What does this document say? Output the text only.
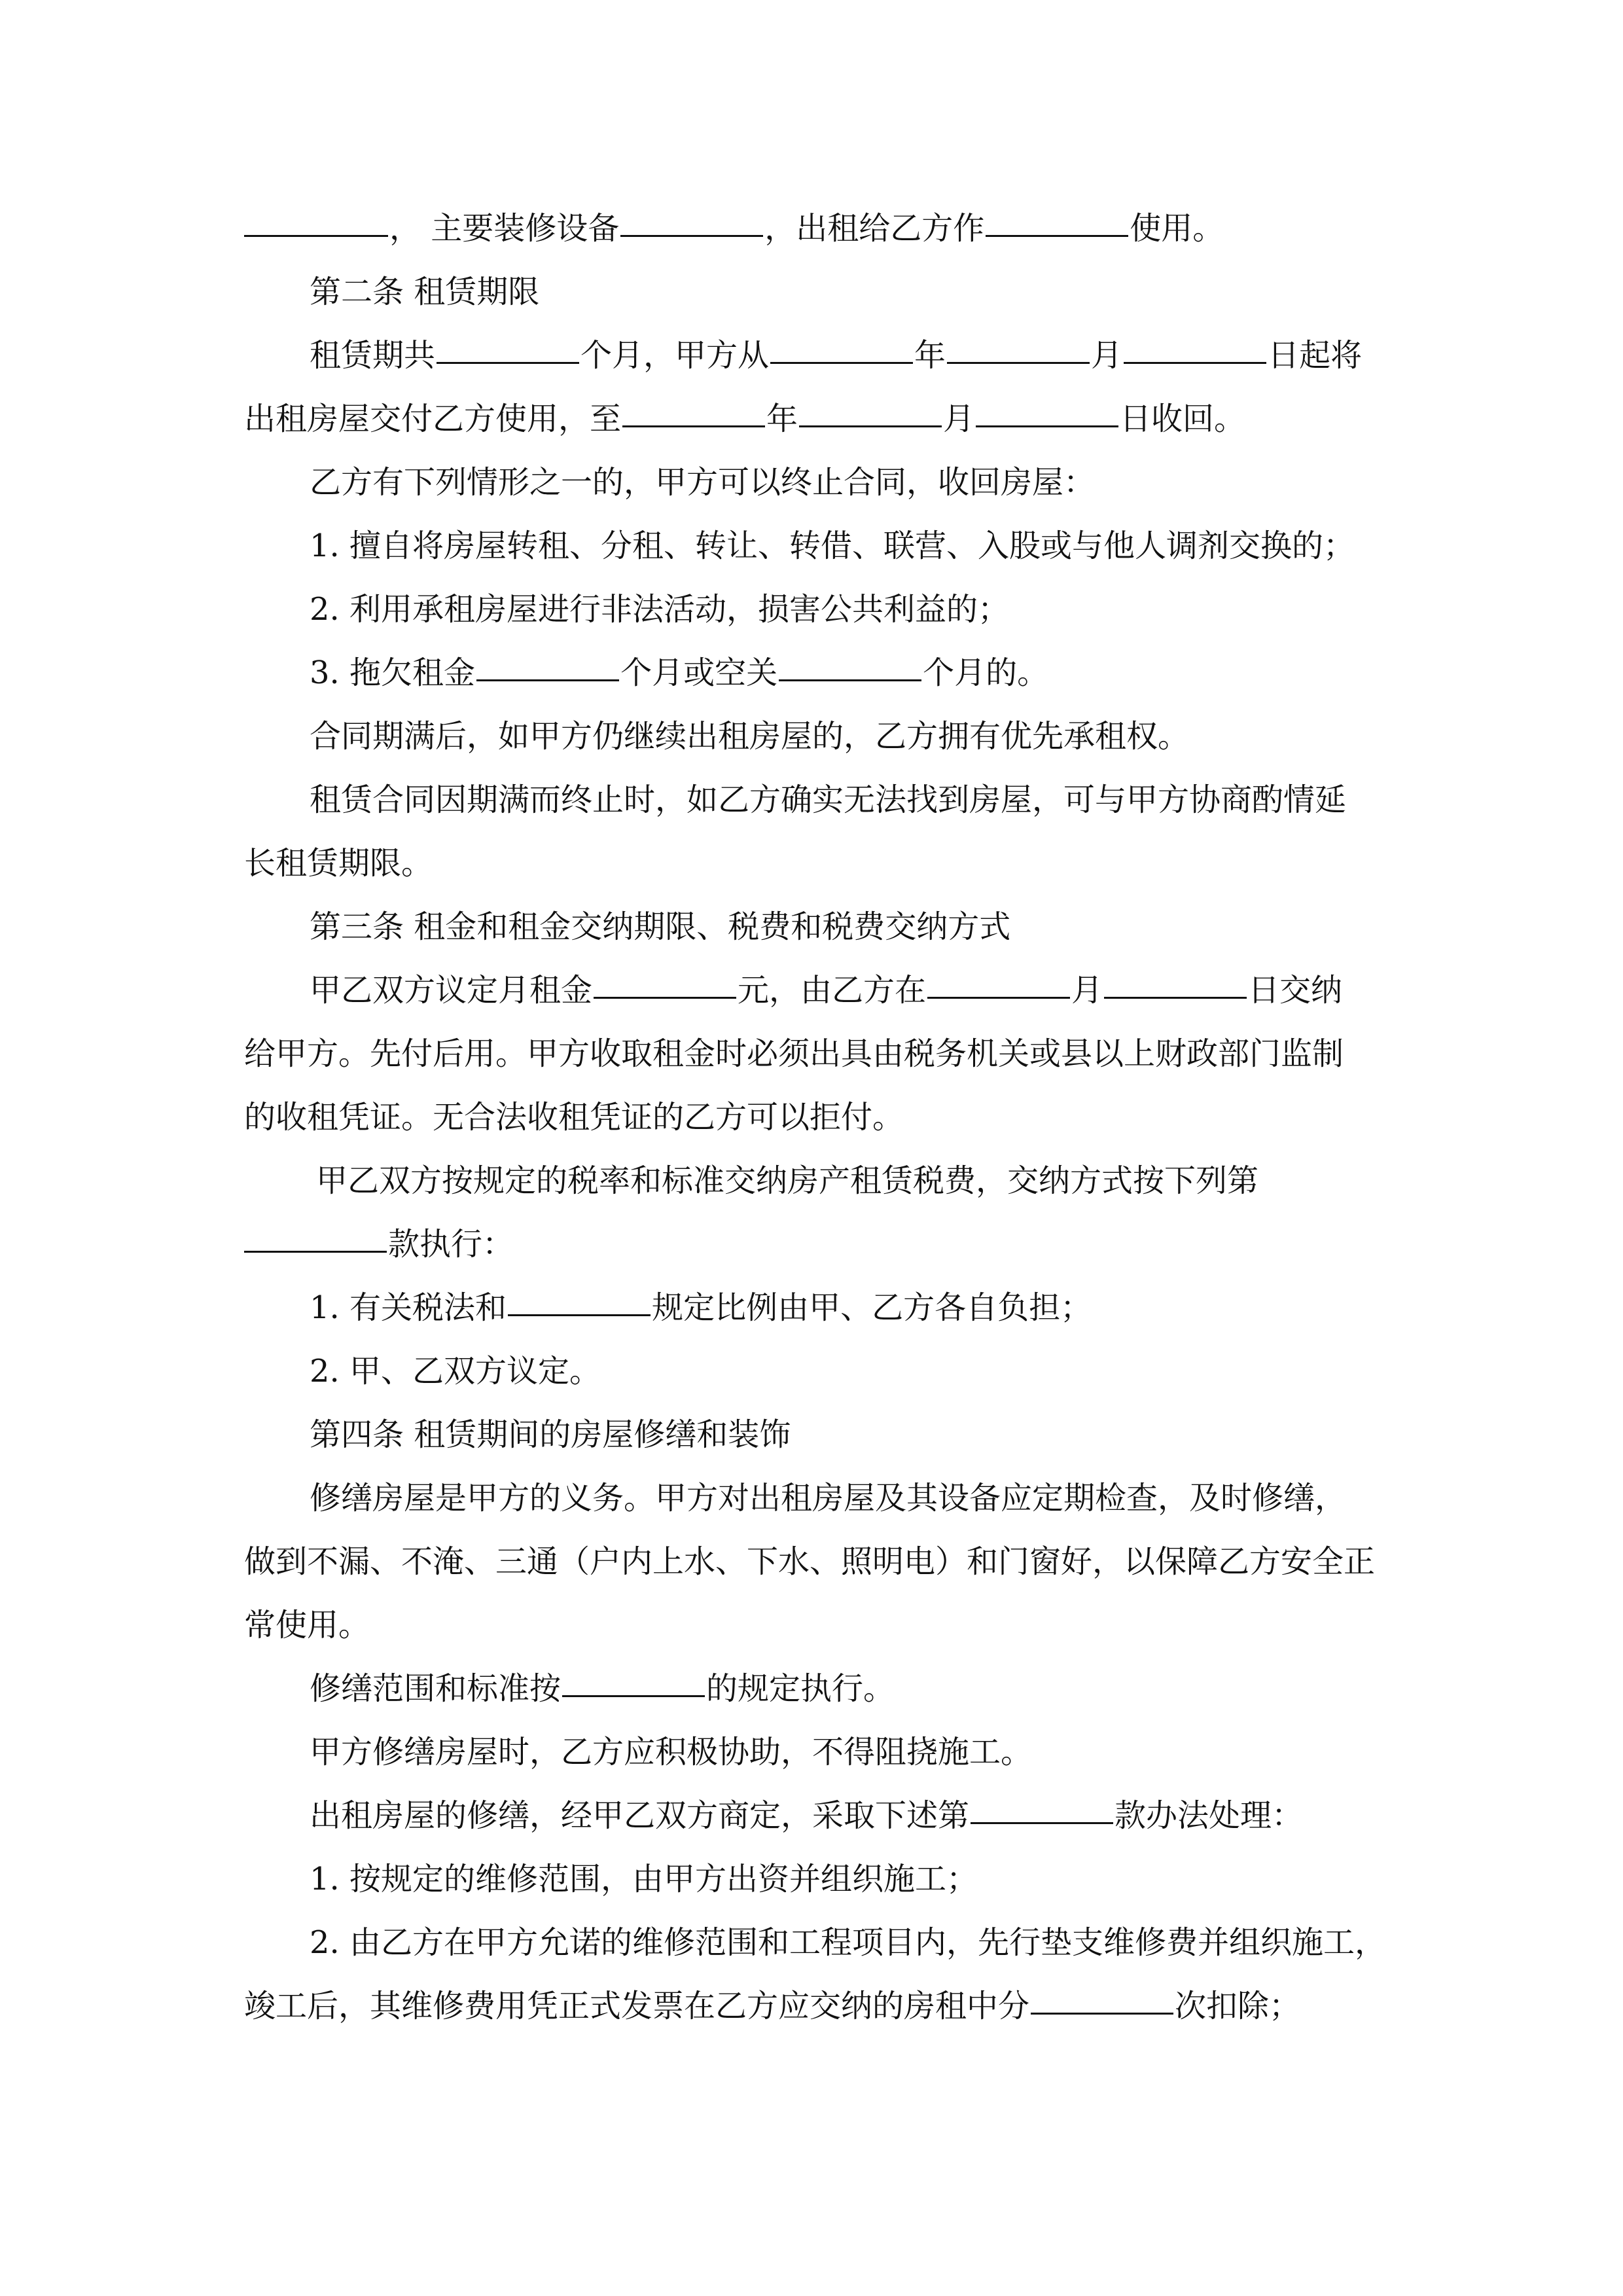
， 主要装修设备	，出租给乙方作	使用。
第二条 租赁期限
租赁期共	个月，甲方从	年	月	日起将
出租房屋交付乙方使用，至	年	月	日收回。
乙方有下列情形之一的，甲方可以终止合同，收回房屋：
1. 擅自将房屋转租、分租、转让、转借、联营、入股或与他人调剂交换的；
2. 利用承租房屋进行非法活动，损害公共利益的；
3. 拖欠租金	个月或空关	个月的。
合同期满后，如甲方仍继续出租房屋的，乙方拥有优先承租权。
租赁合同因期满而终止时，如乙方确实无法找到房屋，可与甲方协商酌情延
长租赁期限。
第三条 租金和租金交纳期限、税费和税费交纳方式
甲乙双方议定月租金	元，由乙方在	月	日交纳
给甲方。先付后用。甲方收取租金时必须出具由税务机关或县以上财政部门监制
的收租凭证。无合法收租凭证的乙方可以拒付。
甲乙双方按规定的税率和标准交纳房产租赁税费，交纳方式按下列第
款执行：
1. 有关税法和	规定比例由甲、乙方各自负担；
2. 甲、乙双方议定。
第四条 租赁期间的房屋修缮和装饰
修缮房屋是甲方的义务。甲方对出租房屋及其设备应定期检查，及时修缮，
做到不漏、不淹、三通（户内上水、下水、照明电）和门窗好，以保障乙方安全正
常使用。
修缮范围和标准按	的规定执行。
甲方修缮房屋时，乙方应积极协助，不得阻挠施工。
出租房屋的修缮，经甲乙双方商定，采取下述第	款办法处理：
1. 按规定的维修范围，由甲方出资并组织施工；
2. 由乙方在甲方允诺的维修范围和工程项目内，先行垫支维修费并组织施工，
竣工后，其维修费用凭正式发票在乙方应交纳的房租中分	次扣除；
